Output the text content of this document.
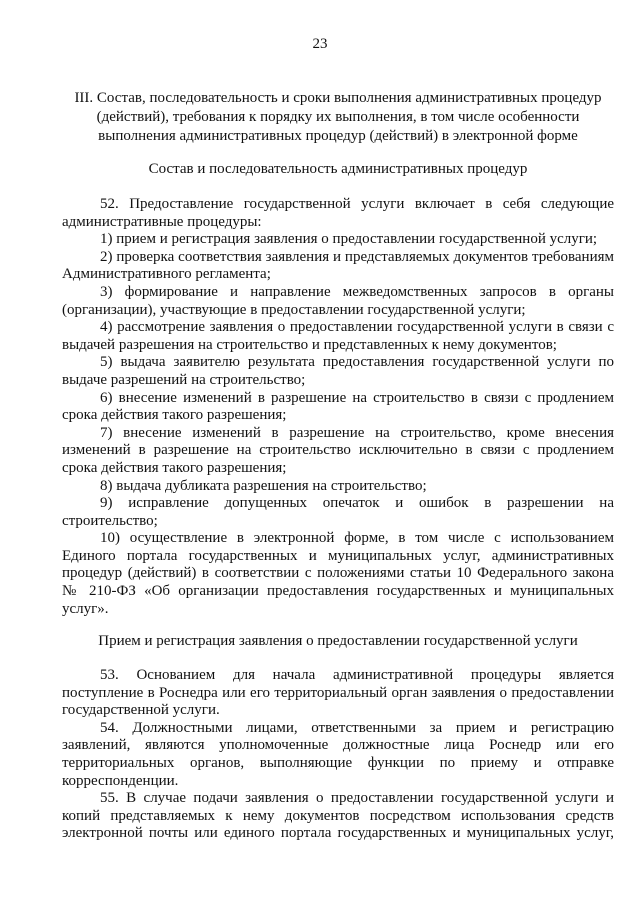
23
III. Состав, последовательность и сроки выполнения административных процедур (действий), требования к порядку их выполнения, в том числе особенности выполнения административных процедур (действий) в электронной форме
Состав и последовательность административных процедур

52. Предоставление государственной услуги включает в себя следующие административные процедуры:

1) прием и регистрация заявления о предоставлении государственной услуги;

2) проверка соответствия заявления и представляемых документов требованиям Административного регламента;

3) формирование и направление межведомственных запросов в органы (организации), участвующие в предоставлении государственной услуги;

4) рассмотрение заявления о предоставлении государственной услуги в связи с выдачей разрешения на строительство и представленных к нему документов;

5) выдача заявителю результата предоставления государственной услуги по выдаче разрешений на строительство;

6) внесение изменений в разрешение на строительство в связи с продлением срока действия такого разрешения;

7) внесение изменений в разрешение на строительство, кроме внесения изменений в разрешение на строительство исключительно в связи с продлением срока действия такого разрешения;

8) выдача дубликата разрешения на строительство;

9) исправление допущенных опечаток и ошибок в разрешении на строительство;

10) осуществление в электронной форме, в том числе с использованием Единого портала государственных и муниципальных услуг, административных процедур (действий) в соответствии с положениями статьи 10 Федерального закона № 210-ФЗ «Об организации предоставления государственных и муниципальных услуг».

Прием и регистрация заявления о предоставлении государственной услуги

53. Основанием для начала административной процедуры является поступление в Роснедра или его территориальный орган заявления о предоставлении государственной услуги.

54. Должностными лицами, ответственными за прием и регистрацию заявлений, являются уполномоченные должностные лица Роснедр или его территориальных органов, выполняющие функции по приему и отправке корреспонденции.

55. В случае подачи заявления о предоставлении государственной услуги и копий представляемых к нему документов посредством использования средств электронной почты или единого портала государственных и муниципальных услуг,
